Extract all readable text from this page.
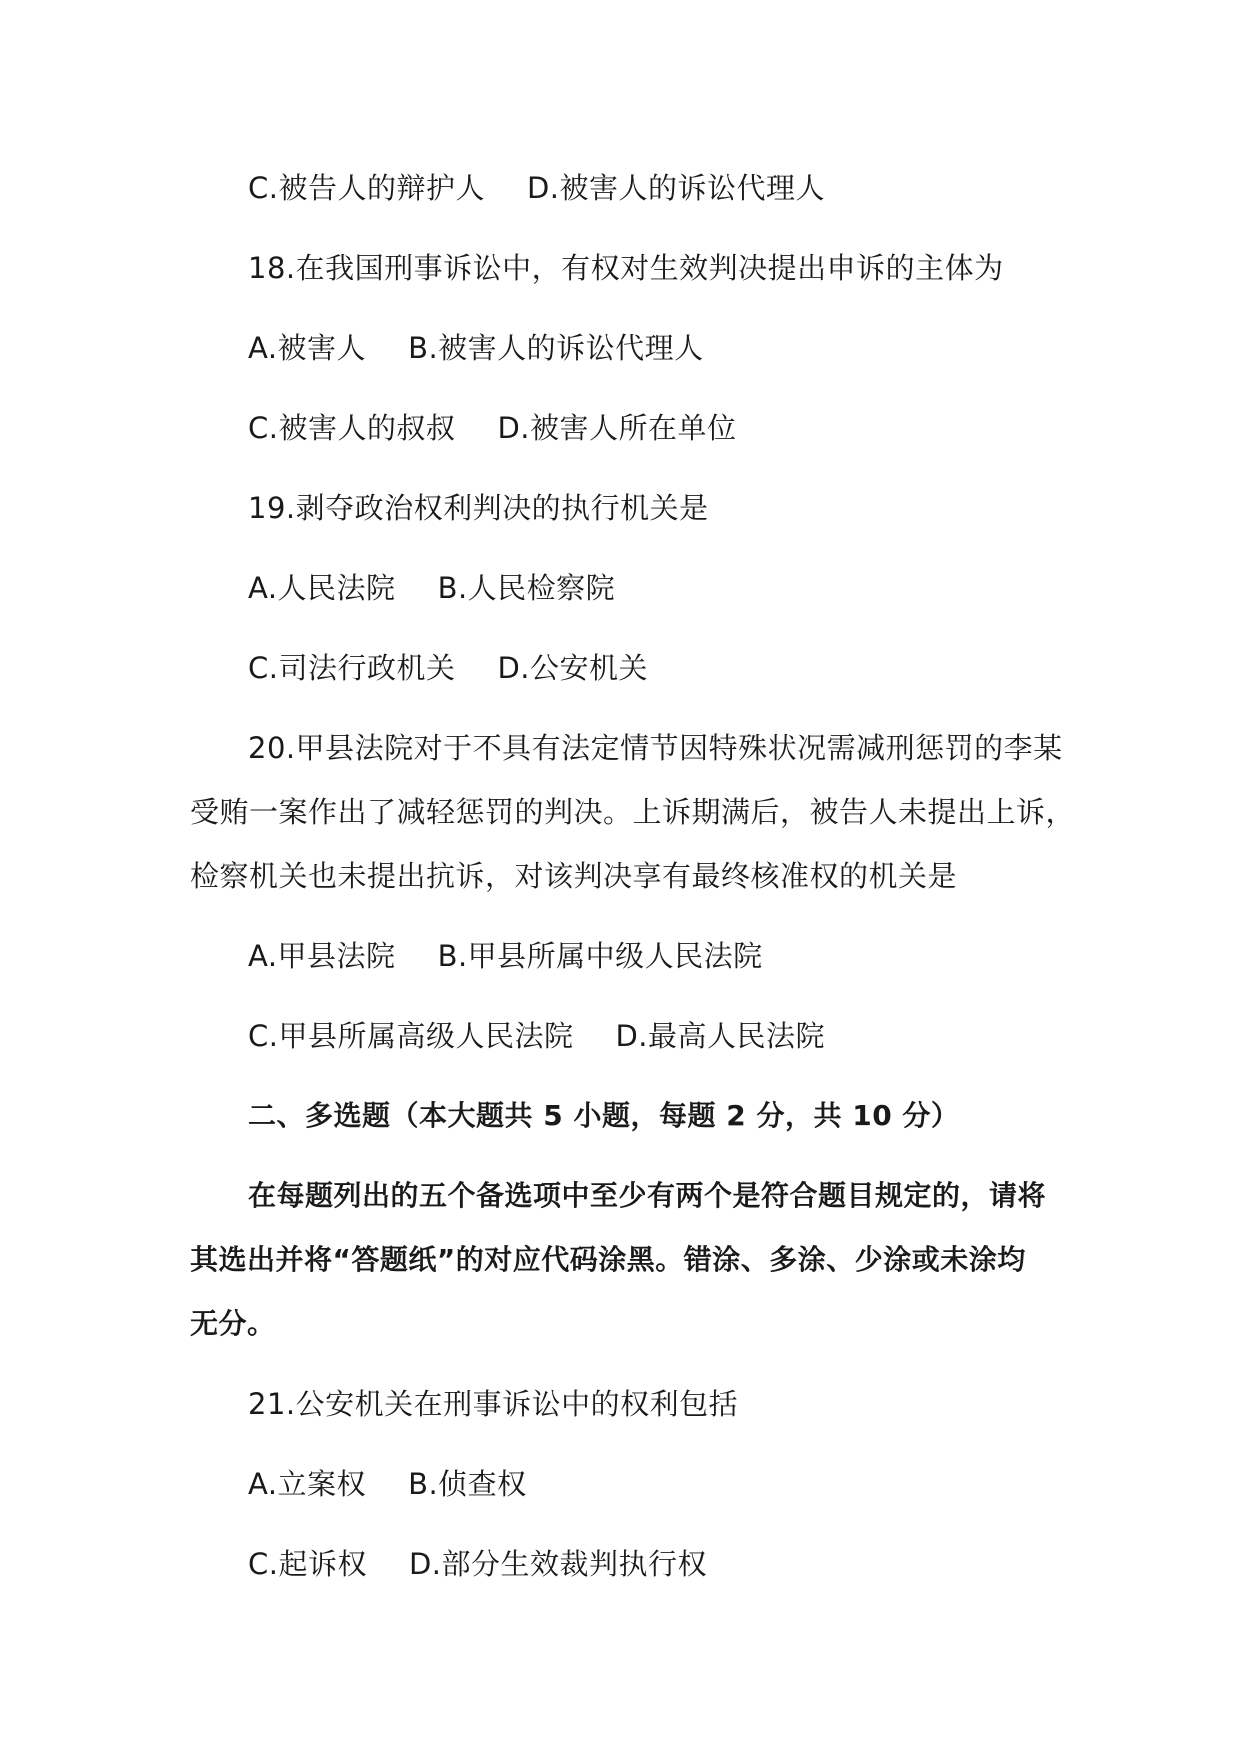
C.被告人的辩护人 D.被害人的诉讼代理人

18.在我国刑事诉讼中，有权对生效判决提出申诉的主体为

A.被害人 B.被害人的诉讼代理人

C.被害人的叔叔 D.被害人所在单位

19.剥夺政治权利判决的执行机关是

A.人民法院 B.人民检察院

C.司法行政机关 D.公安机关

20.甲县法院对于不具有法定情节因特殊状况需减刑惩罚的李某

受贿一案作出了减轻惩罚的判决。上诉期满后，被告人未提出上诉，

检察机关也未提出抗诉，对该判决享有最终核准权的机关是

A.甲县法院 B.甲县所属中级人民法院

C.甲县所属高级人民法院 D.最高人民法院

二、多选题（本大题共 5 小题，每题 2 分，共 10 分）

在每题列出的五个备选项中至少有两个是符合题目规定的，请将

其选出并将“答题纸”的对应代码涂黑。错涂、多涂、少涂或未涂均

无分。

21.公安机关在刑事诉讼中的权利包括

A.立案权 B.侦查权

C.起诉权 D.部分生效裁判执行权
